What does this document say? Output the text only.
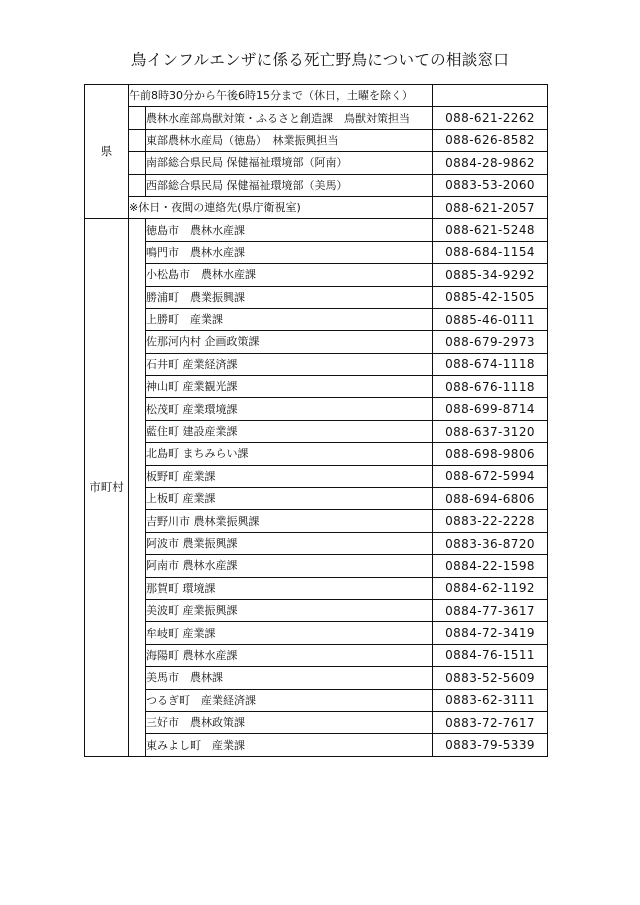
鳥インフルエンザに係る死亡野鳥についての相談窓口
県	午前8時30分から午後6時15分まで（休日，土曜を除く）		
		農林水産部鳥獣対策・ふるさと創造課　鳥獣対策担当	088-621-2262
		東部農林水産局（徳島）　林業振興担当	088-626-8582
		南部総合県民局 保健福祉環境部（阿南）	0884-28-9862
		西部総合県民局 保健福祉環境部（美馬）	0883-53-2060
	※休日・夜間の連絡先(県庁衛視室)		088-621-2057
市町村		徳島市　農林水産課	088-621-5248
		鳴門市　農林水産課	088-684-1154
		小松島市　農林水産課	0885-34-9292
		勝浦町　農業振興課	0885-42-1505
		上勝町　産業課	0885-46-0111
		佐那河内村 企画政策課	088-679-2973
		石井町 産業経済課	088-674-1118
		神山町 産業観光課	088-676-1118
		松茂町 産業環境課	088-699-8714
		藍住町 建設産業課	088-637-3120
		北島町 まちみらい課	088-698-9806
		板野町 産業課	088-672-5994
		上板町 産業課	088-694-6806
		吉野川市 農林業振興課	0883-22-2228
		阿波市 農業振興課	0883-36-8720
		阿南市 農林水産課	0884-22-1598
		那賀町 環境課	0884-62-1192
		美波町 産業振興課	0884-77-3617
		牟岐町 産業課	0884-72-3419
		海陽町 農林水産課	0884-76-1511
		美馬市　農林課	0883-52-5609
		つるぎ町　産業経済課	0883-62-3111
		三好市　農林政策課	0883-72-7617
		東みよし町　産業課	0883-79-5339
